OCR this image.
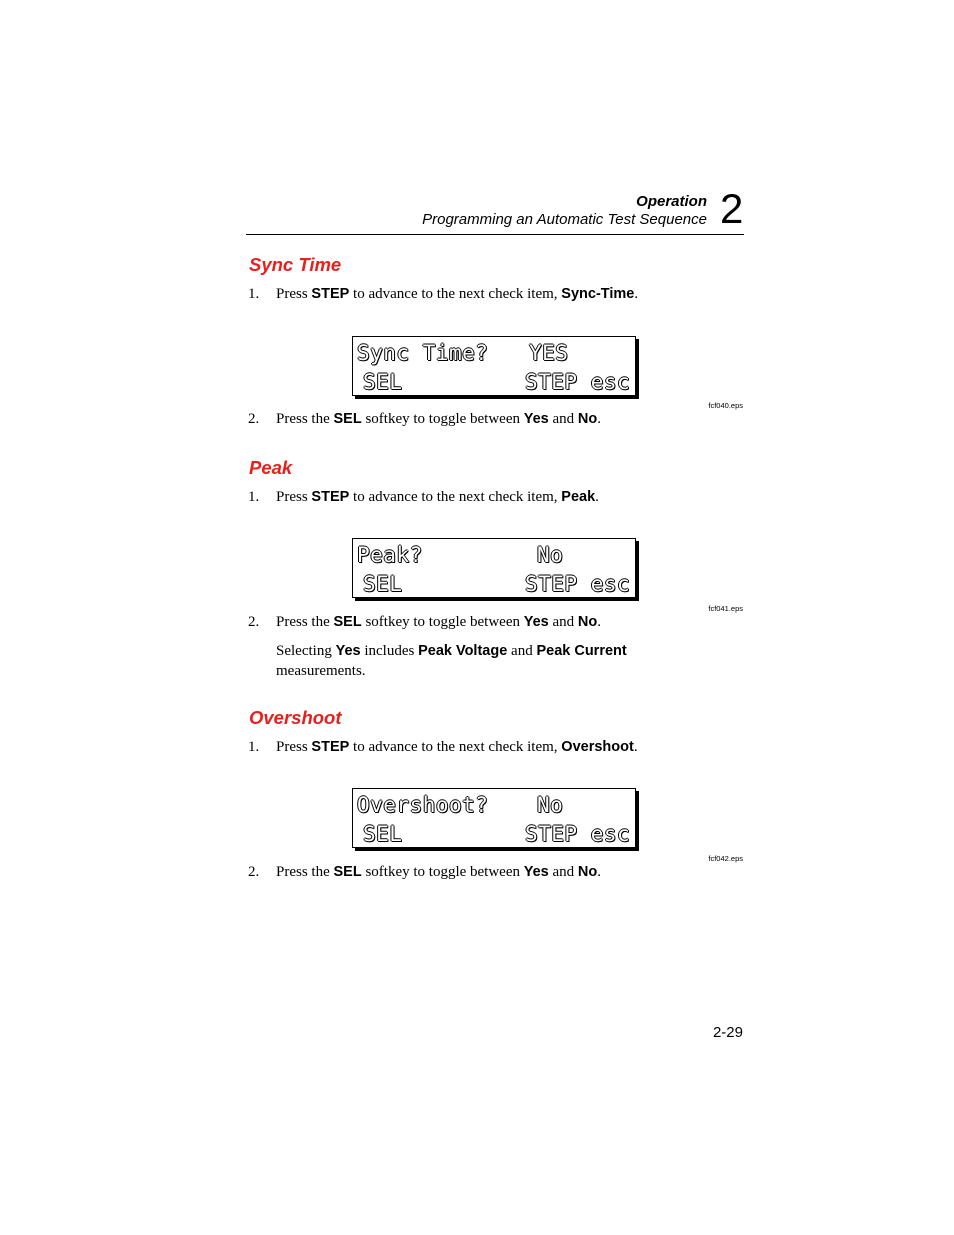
Operation
Programming an Automatic Test Sequence 2
Sync Time
1. Press STEP to advance to the next check item, Sync-Time.
Sync Time? YES
SEL	STEP esc
fcf040.eps
2. Press the SEL softkey to toggle between Yes and No.
Peak
1. Press STEP to advance to the next check item, Peak.
Peak?	No
SEL	STEP esc
fcf041.eps
2. Press the SEL softkey to toggle between Yes and No.
Selecting Yes includes Peak Voltage and Peak Current measurements.
Overshoot
1. Press STEP to advance to the next check item, Overshoot.
Overshoot? No
SEL	STEP esc
fcf042.eps
2. Press the SEL softkey to toggle between Yes and No.
2-29
